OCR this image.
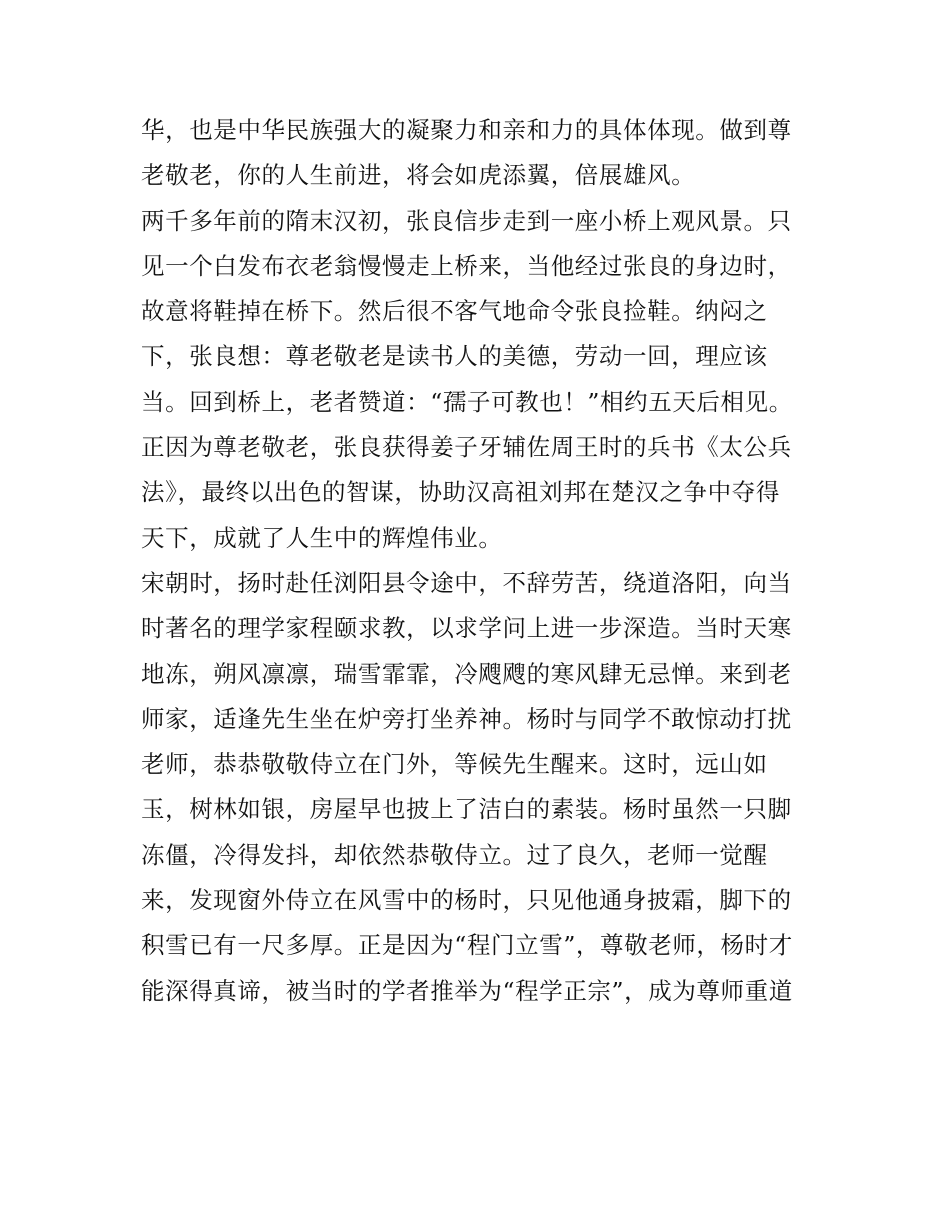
华，也是中华民族强大的凝聚力和亲和力的具体体现。做到尊
老敬老，你的人生前进，将会如虎添翼，倍展雄风。
两千多年前的隋末汉初，张良信步走到一座小桥上观风景。只
见一个白发布衣老翁慢慢走上桥来，当他经过张良的身边时，
故意将鞋掉在桥下。然后很不客气地命令张良捡鞋。纳闷之
下，张良想：尊老敬老是读书人的美德，劳动一回，理应该
当。回到桥上，老者赞道：“孺子可教也！”相约五天后相见。
正因为尊老敬老，张良获得姜子牙辅佐周王时的兵书《太公兵
法》，最终以出色的智谋，协助汉高祖刘邦在楚汉之争中夺得
天下，成就了人生中的辉煌伟业。
宋朝时，扬时赴任浏阳县令途中，不辞劳苦，绕道洛阳，向当
时著名的理学家程颐求教，以求学问上进一步深造。当时天寒
地冻，朔风凛凛，瑞雪霏霏，冷飕飕的寒风肆无忌惮。来到老
师家，适逢先生坐在炉旁打坐养神。杨时与同学不敢惊动打扰
老师，恭恭敬敬侍立在门外，等候先生醒来。这时，远山如
玉，树林如银，房屋早也披上了洁白的素装。杨时虽然一只脚
冻僵，冷得发抖，却依然恭敬侍立。过了良久，老师一觉醒
来，发现窗外侍立在风雪中的杨时，只见他通身披霜，脚下的
积雪已有一尺多厚。正是因为“程门立雪”，尊敬老师，杨时才
能深得真谛，被当时的学者推举为“程学正宗”，成为尊师重道
